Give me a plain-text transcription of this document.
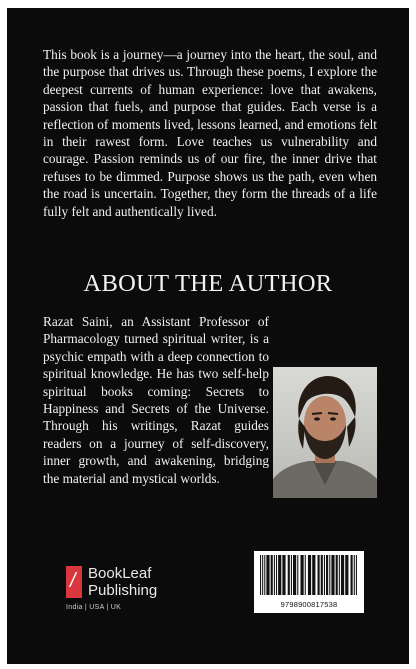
This book is a journey—a journey into the heart, the soul, and the purpose that drives us. Through these poems, I explore the deepest currents of human experience: love that awakens, passion that fuels, and purpose that guides. Each verse is a reflection of moments lived, lessons learned, and emotions felt in their rawest form. Love teaches us vulnerability and courage. Passion reminds us of our fire, the inner drive that refuses to be dimmed. Purpose shows us the path, even when the road is uncertain. Together, they form the threads of a life fully felt and authentically lived.

ABOUT THE AUTHOR

Razat Saini, an Assistant Professor of Pharmacology turned spiritual writer, is a psychic empath with a deep connection to spiritual knowledge. He has two self-help spiritual books coming: Secrets to Happiness and Secrets of the Universe. Through his writings, Razat guides readers on a journey of self-discovery, inner growth, and awakening, bridging the material and mystical worlds.

/ BookLeaf
Publishing
India | USA | UK	9798900817538
